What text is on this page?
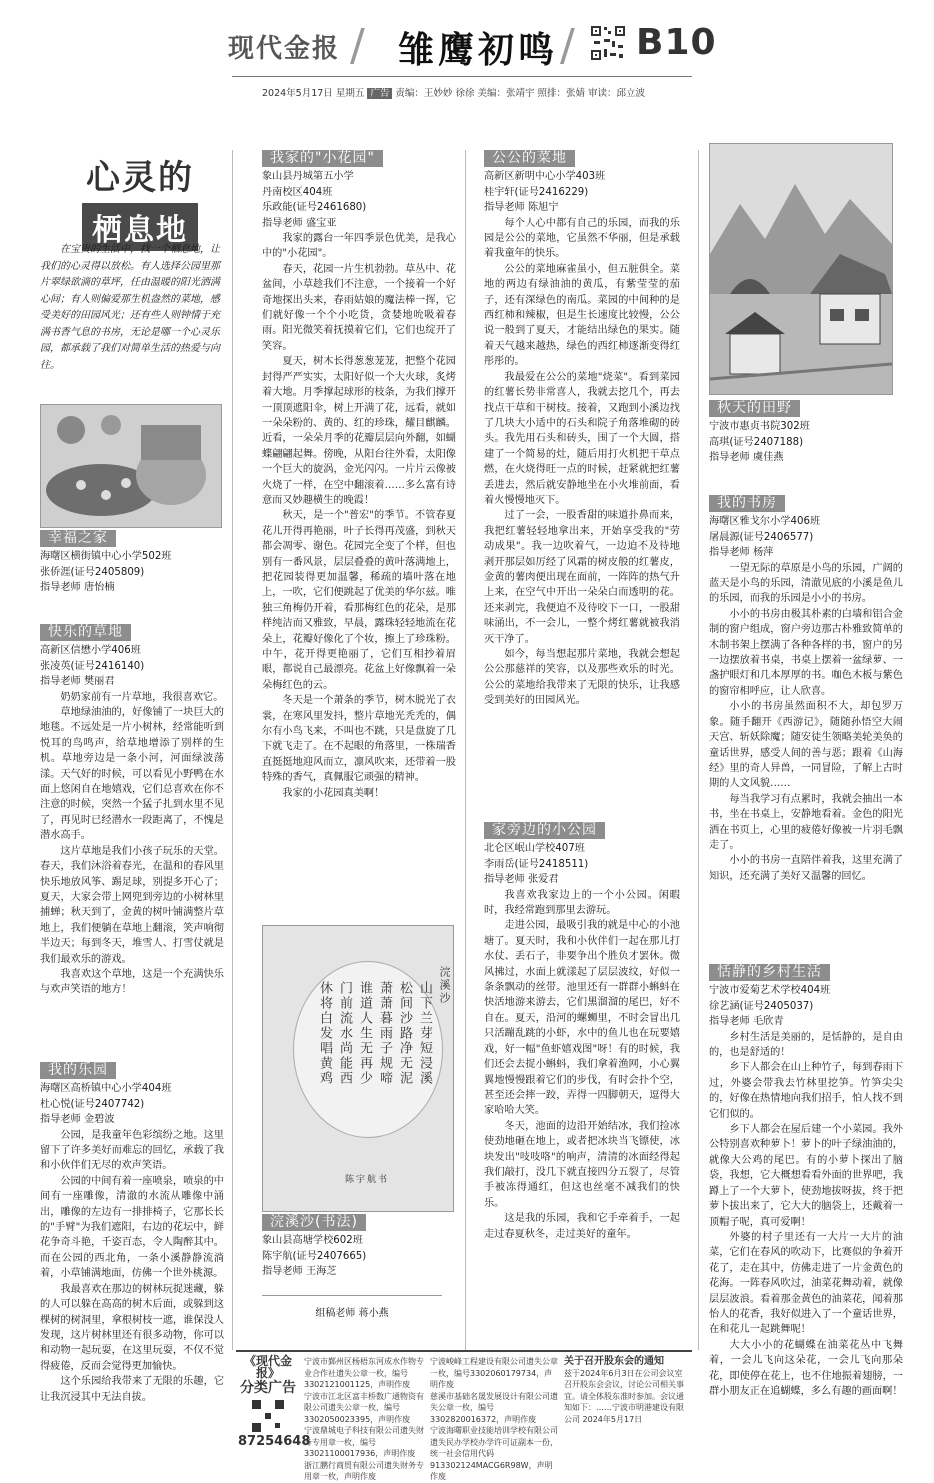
现代金报 / 雏鹰初鸣 / B10
2024年5月17日 星期五 广告 责编：王妙妙 徐徐 美编：张靖宇 照排：张婧 审读：邱立波
心灵的
栖息地

在宝贵的生活中，找一个栖息地，让我们的心灵得以放松。有人选择公园里那片翠绿欲滴的草坪，任由温暖的阳光洒满心间；有人则偏爱那生机盎然的菜地，感受美好的田园风光；还有些人则钟情于充满书香气息的书房，无论是哪一个心灵乐园，都承载了我们对简单生活的热爱与向往。

幸福之家
海曙区横街镇中心小学502班
张侨涯(证号2405809)
指导老师 唐怡楠
快乐的草地
高新区信懋小学406班
张凌英(证号2416140)
指导老师 樊丽君

奶奶家前有一片草地，我很喜欢它。

草地绿油油的，好像铺了一块巨大的地毯。不远处是一片小树林，经常能听到悦耳的鸟鸣声，给草地增添了别样的生机。草地旁边是一条小河，河面绿波荡漾。天气好的时候，可以看见小野鸭在水面上悠闲自在地嬉戏，它们总喜欢在你不注意的时候，突然一个猛子扎到水里不见了，再见时已经潜水一段距离了，不愧是潜水高手。

这片草地是我们小孩子玩乐的天堂。春天，我们沐浴着春光，在温和的春风里快乐地放风筝、踢足球，别提多开心了；夏天，大家会带上网兜到旁边的小树林里捕蝉；秋天到了，金黄的树叶铺满整片草地上，我们便躺在草地上翻滚，笑声响彻半边天；每到冬天，堆雪人、打雪仗就是我们最欢乐的游戏。

我喜欢这个草地，这是一个充满快乐与欢声笑语的地方！

我的乐园
海曙区高桥镇中心小学404班
杜心悦(证号2407742)
指导老师 金碧波

公园，是我童年色彩缤纷之地。这里留下了许多美好而难忘的回忆，承载了我和小伙伴们无尽的欢声笑语。

公园的中间有着一座喷泉，喷泉的中间有一座雕像，清澈的水流从雕像中涌出，雕像的左边有一排排椅子，它那长长的"手臂"为我们遮阳，右边的花坛中，鲜花争奇斗艳，千姿百态，令人陶醉其中。而在公园的西北角，一条小溪静静流淌着，小草铺满地面，仿佛一个世外桃源。

我最喜欢在那边的树林玩捉迷藏，躲的人可以躲在高高的树木后面，或躲到这棵树的树洞里，拿根树枝一遮，谁保没人发现，这片树林里还有很多动物，你可以和动物一起玩耍，在这里玩耍，不仅不觉得疲倦，反而会觉得更加愉快。

这个乐园给我带来了无限的乐趣，它让我沉浸其中无法自拔。

我家的"小花园"
象山县丹城第五小学
丹南校区404班
乐政能(证号2461680)
指导老师 盛宝亚

我家的露台一年四季景色优美，是我心中的"小花园"。

春天，花园一片生机勃勃。草丛中、花盆间，小草趁我们不注意，一个接着一个好奇地探出头来，春雨姑娘的魔法棒一挥，它们就好像一个个小吃货，贪婪地吮吸着春雨。阳光微笑着抚摸着它们，它们也绽开了笑容。

夏天，树木长得葱葱茏茏，把整个花园封得严严实实，太阳好似一个大火球，炙烤着大地。月季撑起球形的枝条，为我们撑开一顶顶遮阳伞，树上开满了花，远看，就如一朵朵粉的、黄的、红的珍珠，耀目麒麟。近看，一朵朵月季的花瓣层层向外翻，如蝴蝶翩翩起舞。傍晚，从阳台往外看，太阳像一个巨大的旋涡，金光闪闪。一片片云像被火烧了一样，在空中翻滚着……多么富有诗意而又妙趣横生的晚霞！

秋天，是一个"普宏"的季节。不管春夏花儿开得再艳丽，叶子长得再茂盛，到秋天都会凋零、谢色。花园完全变了个样，但也别有一番风景，层层叠叠的黄叶落满地上，把花园装得更加温馨，稀疏的墙叶落在地上，一吹，它们便跳起了优美的华尔兹。唯独三角梅仍开着，看那梅红色的花朵，是那样纯洁而又雅致，早晨，露珠轻轻地流在花朵上，花瓣好像化了个妆，擦上了珍珠粉。中午，花开得更艳丽了，它们互相抄着眉眼，都说自己最漂亮。花盆上好像飘着一朵朵梅红色的云。

冬天是一个萧条的季节，树木脱光了衣裳，在寒风里发抖，整片草地光秃秃的，偶尔有小鸟飞来，不叫也不跳，只是盘旋了几下就飞走了。在不起眼的角落里，一株瑞香直挺挺地迎风而立，凛风吹来，还带着一股特殊的香气，真佩服它顽强的精神。

我家的小花园真美啊！

山下兰芽短浸溪
松间沙路净无泥
萧萧暮雨子规啼
谁道人生无再少
门前流水尚能西
休将白发唱黄鸡	浣溪沙
陈宇航书
浣溪沙(书法)
象山县高塘学校602班
陈宇航(证号2407665)
指导老师 王海芝
组稿老师 蒋小燕
公公的菜地
高新区新明中心小学403班
桂宇轩(证号2416229)
指导老师 陈旭宁

每个人心中都有自己的乐园，而我的乐园是公公的菜地，它虽然不华丽，但是承载着我童年的快乐。

公公的菜地麻雀虽小，但五脏俱全。菜地的两边有绿油油的黄瓜，有紫莹莹的茄子，还有深绿色的南瓜。菜园的中间种的是西红柿和辣椒，但是生长速度比较慢，公公说一般到了夏天，才能结出绿色的果实。随着天气越来越热，绿色的西红柿逐渐变得红彤彤的。

我最爱在公公的菜地"烧菜"。看到菜园的红薯长势非常喜人，我就去挖几个，再去找点干草和干树枝。接着，又跑到小溪边找了几块大小适中的石头和院子角落堆砌的砖头。我先用石头和砖头，围了一个大圆，搭建了一个简易的灶，随后用打火机把干草点燃，在火烧得旺一点的时候，赶紧就把红薯丢进去，然后就安静地坐在小火堆前面，看着火慢慢地灭下。

过了一会，一股香甜的味道扑鼻而来，我把红薯轻轻地拿出来，开始享受我的"劳动成果"。我一边吹着气，一边迫不及待地剥开那层如厉经了风霜的树皮般的红薯皮，金黄的薯肉便出现在面前，一阵阵的热气升上来，在空气中开出一朵朵白而透明的花。还来剥完，我便迫不及待咬下一口，一股甜味涌出，不一会儿，一整个烤红薯就被我消灭干净了。

如今，每当想起那片菜地，我就会想起公公那慈祥的笑容，以及那些欢乐的时光。公公的菜地给我带来了无限的快乐，让我感受到美好的田园风光。

家旁边的小公园
北仑区岷山学校407班
李雨岳(证号2418511)
指导老师 张爱君

我喜欢我家边上的一个小公园。闲暇时，我经常跑到那里去游玩。

走进公园，最吸引我的就是中心的小池塘了。夏天时，我和小伙伴们一起在那儿打水仗、丢石子，非要争出个胜负才罢休。微风拂过，水面上就漾起了层层波纹，好似一条条飘动的丝带。池里还有一群群小蝌蚪在快活地游来游去，它们黑溜溜的尾巴，好不自在。夏天，沿河的螺蛳里，不时会冒出几只活蹦乱跳的小虾，水中的鱼儿也在玩要嬉戏，好一幅"鱼虾嬉戏图"呀！有的时候，我们还会去捉小蝌蚪，我们拿着渔网，小心翼翼地慢慢跟着它们的步伐，有时会扑个空，甚至还会摔一跤，弄得一四脚朝天，逗得大家哈哈大笑。

冬天，池面的边沿开始结冰，我们捡冰使劲地砸在地上，或者把冰块当飞镖使，冰块发出"吱吱咯"的响声，清清的冰面经得起我们敲打，没几下就直接四分五裂了，尽管手被冻得通红，但这也丝毫不减我们的快乐。

这是我的乐园，我和它手牵着手，一起走过春夏秋冬，走过美好的童年。

秋天的田野
宁波市惠贞书院302班
高琪(证号2407188)
指导老师 虞佳燕
我的书房
海曙区雅戈尔小学406班
屠晨源(证号2406577)
指导老师 杨萍

一望无际的草原是小鸟的乐园，广阔的蓝天是小鸟的乐园，清澈见底的小溪是鱼儿的乐园，而我的乐园是小小的书房。

小小的书房由极其朴素的白墙和铝合金制的窗户组成，窗户旁边那古朴雅致简单的木制书架上摆满了各种各样的书，窗户的另一边摆放着书桌，书桌上摆着一盆绿萝、一盏护眼灯和几本厚厚的书。咖色木板与紫色的窗帘相呼应，让人欣喜。

小小的书房虽然面积不大，却包罗万象。随手翻开《西游记》，随随孙悟空大闹天宫、斩妖除魔；随安徒生领略美轮美奂的童话世界，感受人间的善与恶；跟着《山海经》里的奇人异兽，一同冒险，了解上古时期的人文风貌……

每当我学习有点累时，我就会抽出一本书，坐在书桌上，安静地看着。金色的阳光洒在书页上，心里的疲倦好像被一片羽毛飘走了。

小小的书房一直陪伴着我，这里充满了知识，还充满了美好又温馨的回忆。

恬静的乡村生活
宁波市爱菊艺术学校404班
徐艺涵(证号2405037)
指导老师 毛欣青

乡村生活是美丽的，是恬静的，是自由的，也是舒适的！

乡下人都会在山上种竹子，每到春雨下过，外婆会带我去竹林里挖笋。竹笋尖尖的，好像在热情地向我们招手，怕人找不到它们似的。

乡下人都会在屋后建一个小菜园。我外公特别喜欢种萝卜！萝卜的叶子绿油油的，就像大公鸡的尾巴。有的小萝卜探出了脑袋，我想，它大概想看看外面的世界吧，我蹲上了一个大萝卜，使劲地拔呀拔，终于把萝卜拔出来了，它大大的脑袋上，还戴着一顶帽子呢，真可爱啊！

外婆的村子里还有一大片一大片的油菜，它们在春风的吹动下，比赛似的争着开花了，走在其中，仿佛走进了一片金黄色的花海。一阵春风吹过，油菜花舞动着，就像层层波浪。看着那金黄色的油菜花，闻着那怡人的花香，我好似进入了一个童话世界，在和花儿一起跳舞呢！

大大小小的花蝴蝶在油菜花丛中飞舞着，一会儿飞向这朵花，一会儿飞向那朵花，即使停在花上，也不住地振着翅膀，一群小朋友正在追蝴蝶，多么有趣的画面啊！

《现代金报》
分类广告
87254648
宁波市鄞州区杨梧东河成水作物专业合作社遗失公章一枚，编号3302121001125，声明作废
宁波市江北区富丰桥数广通物资有限公司遗失公章一枚，编号3302050023395，声明作废
宁波鼎城电子科技有限公司遗失财务专用章一枚，编号33021100017936，声明作废
浙江鹏行商贸有限公司遗失财务专用章一枚，声明作废
宁波峻峰工程建设有限公司遗失公章一枚，编号3302060179734，声明作废
慈溪市基础名晟发展设计有限公司遗失公章一枚，编号3302820016372，声明作废
宁波海曙职业技能培训学校有限公司遗失民办学校办学许可证副本一份，统一社会信用代码913302124MACG6R98W，声明作废
关于召开股东会的通知
兹于2024年6月3日在公司会议室召开股东会会议，讨论公司相关事宜。请全体股东准时参加。会议通知如下：……宁波市明港建设有限公司 2024年5月17日
